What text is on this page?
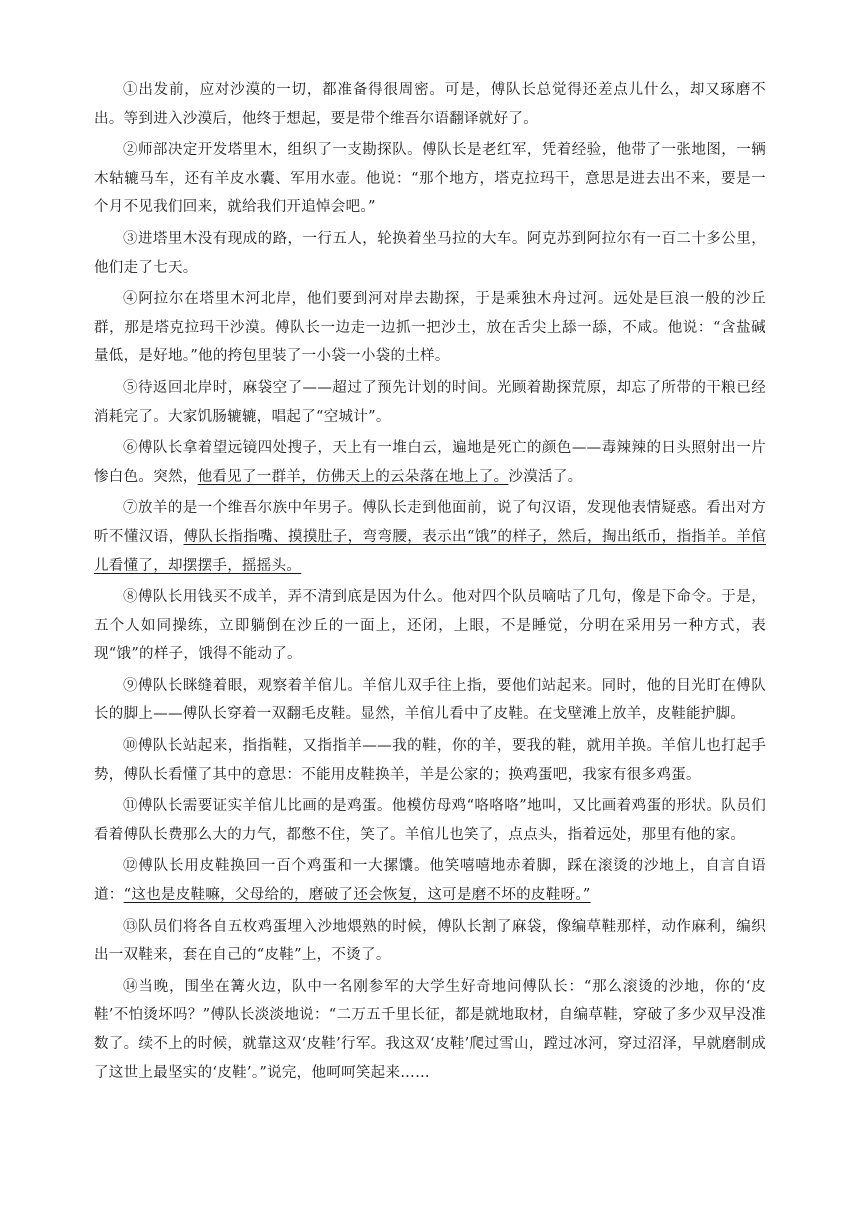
①出发前，应对沙漠的一切，都准备得很周密。可是，傅队长总觉得还差点儿什么，却又琢磨不出。等到进入沙漠后，他终于想起，要是带个维吾尔语翻译就好了。

②师部决定开发塔里木，组织了一支勘探队。傅队长是老红军，凭着经验，他带了一张地图，一辆木轱辘马车，还有羊皮水囊、军用水壶。他说：“那个地方，塔克拉玛干，意思是进去出不来，要是一个月不见我们回来，就给我们开追悼会吧。”

③进塔里木没有现成的路，一行五人，轮换着坐马拉的大车。阿克苏到阿拉尔有一百二十多公里，他们走了七天。

④阿拉尔在塔里木河北岸，他们要到河对岸去勘探，于是乘独木舟过河。远处是巨浪一般的沙丘群，那是塔克拉玛干沙漠。傅队长一边走一边抓一把沙土，放在舌尖上舔一舔，不咸。他说：“含盐碱量低，是好地。”他的挎包里装了一小袋一小袋的土样。

⑤待返回北岸时，麻袋空了——超过了预先计划的时间。光顾着勘探荒原，却忘了所带的干粮已经消耗完了。大家饥肠辘辘，唱起了“空城计”。

⑥傅队长拿着望远镜四处搜子，天上有一堆白云，遍地是死亡的颜色——毒辣辣的日头照射出一片惨白色。突然，他看见了一群羊，仿佛天上的云朵落在地上了。沙漠活了。

⑦放羊的是一个维吾尔族中年男子。傅队长走到他面前，说了句汉语，发现他表情疑惑。看出对方听不懂汉语，傅队长指指嘴、摸摸肚子，弯弯腰，表示出“饿”的样子，然后，掏出纸币，指指羊。羊倌儿看懂了，却摆摆手，摇摇头。

⑧傅队长用钱买不成羊，弄不清到底是因为什么。他对四个队员嘀咕了几句，像是下命令。于是，五个人如同操练，立即躺倒在沙丘的一面上，还闭，上眼，不是睡觉，分明在采用另一种方式，表现“饿”的样子，饿得不能动了。

⑨傅队长眯缝着眼，观察着羊倌儿。羊倌儿双手往上指，要他们站起来。同时，他的目光盯在傅队长的脚上——傅队长穿着一双翻毛皮鞋。显然，羊倌儿看中了皮鞋。在戈壁滩上放羊，皮鞋能护脚。

⑩傅队长站起来，指指鞋，又指指羊——我的鞋，你的羊，要我的鞋，就用羊换。羊倌儿也打起手势，傅队长看懂了其中的意思：不能用皮鞋换羊，羊是公家的；换鸡蛋吧，我家有很多鸡蛋。

⑪傅队长需要证实羊倌儿比画的是鸡蛋。他模仿母鸡“咯咯咯”地叫，又比画着鸡蛋的形状。队员们看着傅队长费那么大的力气，都憋不住，笑了。羊倌儿也笑了，点点头，指着远处，那里有他的家。

⑫傅队长用皮鞋换回一百个鸡蛋和一大摞馕。他笑嘻嘻地赤着脚，踩在滚烫的沙地上，自言自语道：“这也是皮鞋嘛，父母给的，磨破了还会恢复，这可是磨不坏的皮鞋呀。”

⑬队员们将各自五枚鸡蛋埋入沙地煨熟的时候，傅队长割了麻袋，像编草鞋那样，动作麻利，编织出一双鞋来，套在自己的“皮鞋”上，不烫了。

⑭当晚，围坐在篝火边，队中一名刚参军的大学生好奇地问傅队长：“那么滚烫的沙地，你的‘皮鞋’不怕烫坏吗？”傅队长淡淡地说：“二万五千里长征，都是就地取材，自编草鞋，穿破了多少双早没准数了。续不上的时候，就靠这双‘皮鞋’行军。我这双‘皮鞋’爬过雪山，蹚过冰河，穿过沼泽，早就磨制成了这世上最坚实的‘皮鞋’。”说完，他呵呵笑起来……
